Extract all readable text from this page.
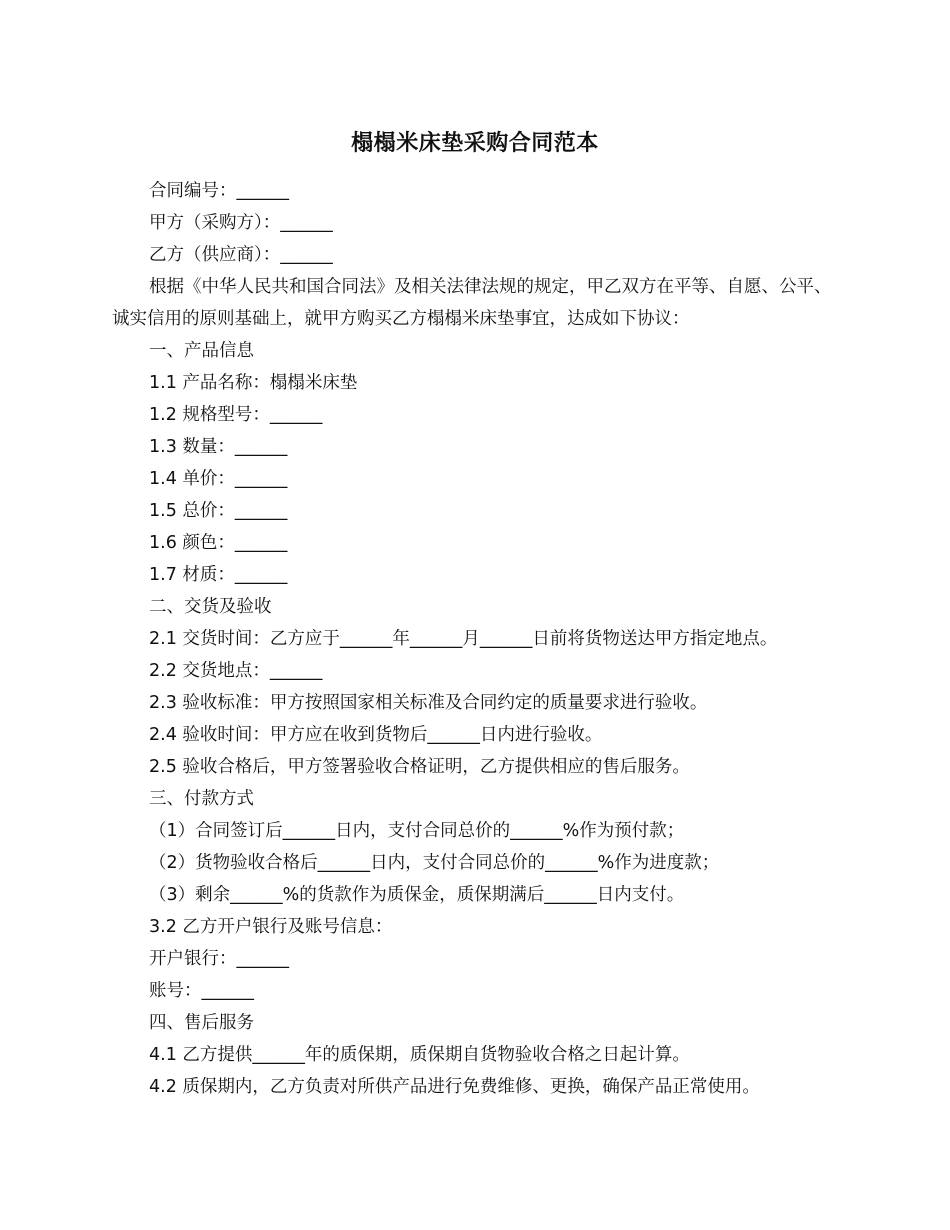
榻榻米床垫采购合同范本

合同编号：______

甲方（采购方）：______

乙方（供应商）：______

根据《中华人民共和国合同法》及相关法律法规的规定，甲乙双方在平等、自愿、公平、诚实信用的原则基础上，就甲方购买乙方榻榻米床垫事宜，达成如下协议：

一、产品信息

1.1 产品名称：榻榻米床垫

1.2 规格型号：______

1.3 数量：______

1.4 单价：______

1.5 总价：______

1.6 颜色：______

1.7 材质：______

二、交货及验收

2.1 交货时间：乙方应于______年______月______日前将货物送达甲方指定地点。

2.2 交货地点：______

2.3 验收标准：甲方按照国家相关标准及合同约定的质量要求进行验收。

2.4 验收时间：甲方应在收到货物后______日内进行验收。

2.5 验收合格后，甲方签署验收合格证明，乙方提供相应的售后服务。

三、付款方式

（1）合同签订后______日内，支付合同总价的______%作为预付款；

（2）货物验收合格后______日内，支付合同总价的______%作为进度款；

（3）剩余______%的货款作为质保金，质保期满后______日内支付。

3.2 乙方开户银行及账号信息：

开户银行：______

账号：______

四、售后服务

4.1 乙方提供______年的质保期，质保期自货物验收合格之日起计算。

4.2 质保期内，乙方负责对所供产品进行免费维修、更换，确保产品正常使用。
